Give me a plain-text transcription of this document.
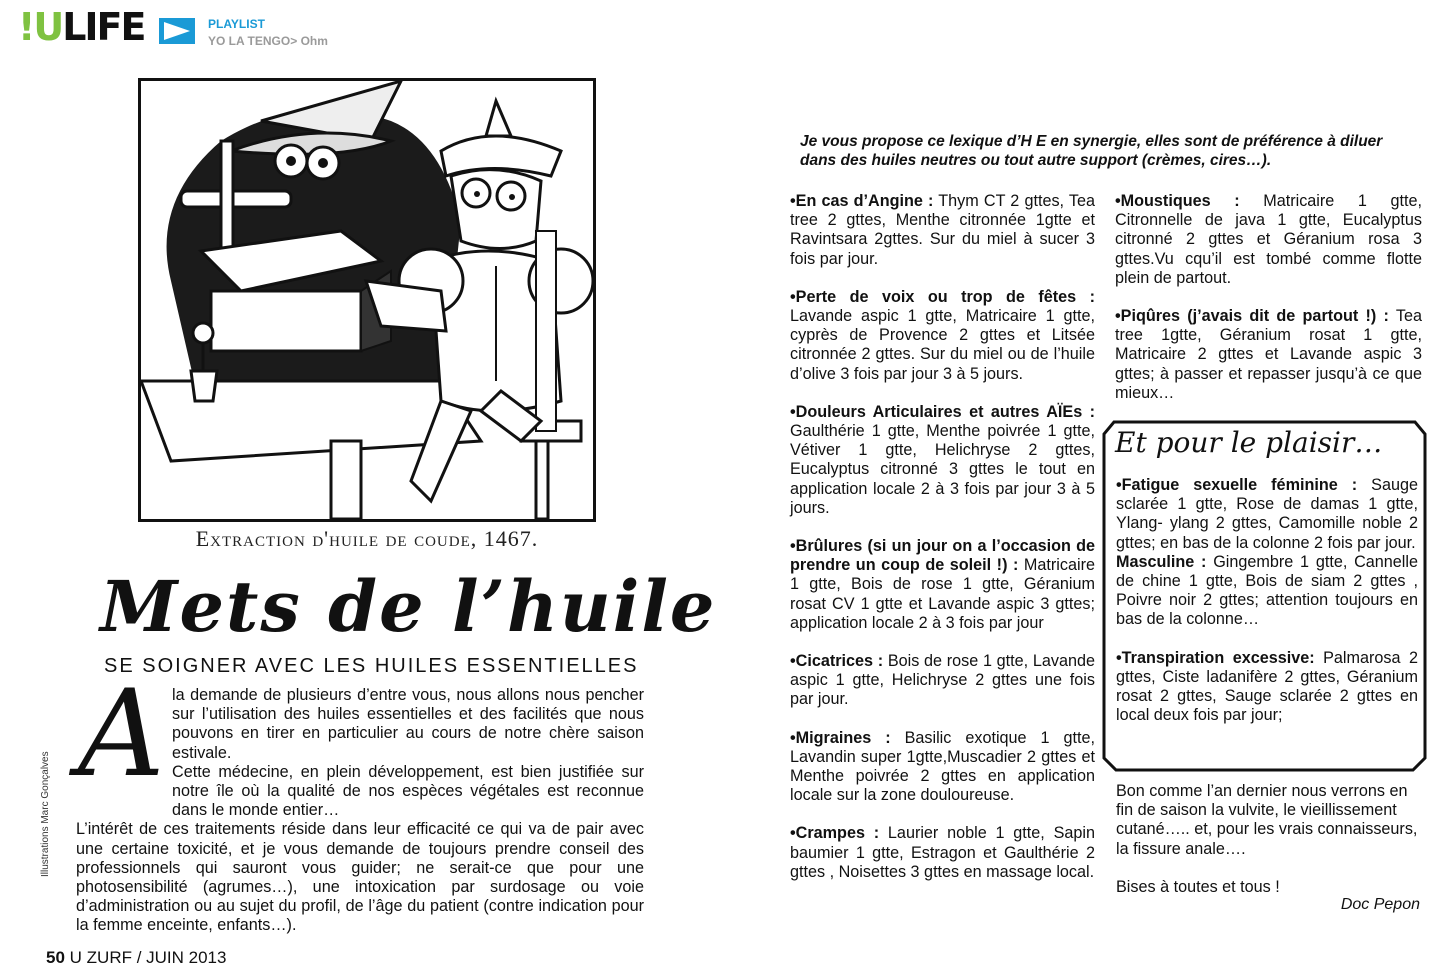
!ULIFE	PLAYLIST
YO LA TENGO> Ohm
Extraction d'huile de coude, 1467.
Mets de l’huile
SE SOIGNER AVEC LES HUILES ESSENTIELLES
Illustrations Marc Gonçalves
A la demande de plusieurs d’entre vous, nous allons nous pencher sur l’utilisation des huiles essentielles et des facilités que nous pouvons en tirer en particulier au cours de notre chère saison estivale.

Cette médecine, en plein développement, est bien justifiée sur notre île où la qualité de nos espèces végétales est reconnue dans le monde entier…

L’intérêt de ces traitements réside dans leur efficacité ce qui va de pair avec une certaine toxicité, et je vous demande de toujours prendre conseil des professionnels qui sauront vous guider; ne serait-ce que pour une photosensibilité (agrumes…), une intoxication par surdosage ou voie d’administration ou au sujet du profil, de l’âge du patient (contre indication pour la femme enceinte, enfants…).

50 U ZURF / JUIN 2013
Je vous propose ce lexique d’H E en synergie, elles sont de préférence à diluer dans des huiles neutres ou tout autre support (crèmes, cires…).

•En cas d’Angine : Thym CT 2 gttes, Tea tree 2 gttes, Menthe citronnée 1gtte et Ravintsara 2gttes. Sur du miel à sucer 3 fois par jour.

•Perte de voix ou trop de fêtes : Lavande aspic 1 gtte, Matricaire 1 gtte, cyprès de Provence 2 gttes et Litsée citronnée 2 gttes. Sur du miel ou de l’huile d’olive 3 fois par jour 3 à 5 jours.

•Douleurs Articulaires et autres AÏEs : Gaulthérie 1 gtte, Menthe poivrée 1 gtte, Vétiver 1 gtte, Helichryse 2 gttes, Eucalyptus citronné 3 gttes le tout en application locale 2 à 3 fois par jour 3 à 5 jours.

•Brûlures (si un jour on a l’occasion de prendre un coup de soleil !) : Matricaire 1 gtte, Bois de rose 1 gtte, Géranium rosat CV 1 gtte et Lavande aspic 3 gttes; application locale 2 à 3 fois par jour

•Cicatrices : Bois de rose 1 gtte, Lavande aspic 1 gtte, Helichryse 2 gttes une fois par jour.

•Migraines : Basilic exotique 1 gtte, Lavandin super 1gtte,Muscadier 2 gttes et Menthe poivrée 2 gttes en application locale sur la zone douloureuse.

•Crampes : Laurier noble 1 gtte, Sapin baumier 1 gtte, Estragon et Gaulthérie 2 gttes , Noisettes 3 gttes en massage local.

•Moustiques : Matricaire 1 gtte, Citronnelle de java 1 gtte, Eucalyptus citronné 2 gttes et Géranium rosa 3 gttes.Vu cqu’il est tombé comme flotte plein de partout.

•Piqûres (j’avais dit de partout !) : Tea tree 1gtte, Géranium rosat 1 gtte, Matricaire 2 gttes et Lavande aspic 3 gttes; à passer et repasser jusqu’à ce que mieux…

Et pour le plaisir…

•Fatigue sexuelle féminine : Sauge sclarée 1 gtte, Rose de damas 1 gtte, Ylang- ylang 2 gttes, Camomille noble 2 gttes; en bas de la colonne 2 fois par jour.

Masculine : Gingembre 1 gtte, Cannelle de chine 1 gtte, Bois de siam 2 gttes , Poivre noir 2 gttes; attention toujours en bas de la colonne…

•Transpiration excessive: Palmarosa 2 gttes, Ciste ladanifère 2 gttes, Géranium rosat 2 gttes, Sauge sclarée 2 gttes en local deux fois par jour;

Bon comme l’an dernier nous verrons en fin de saison la vulvite, le vieillissement cutané….. et, pour les vrais connaisseurs, la fissure anale….

Bises à toutes et tous !

Doc Pepon
